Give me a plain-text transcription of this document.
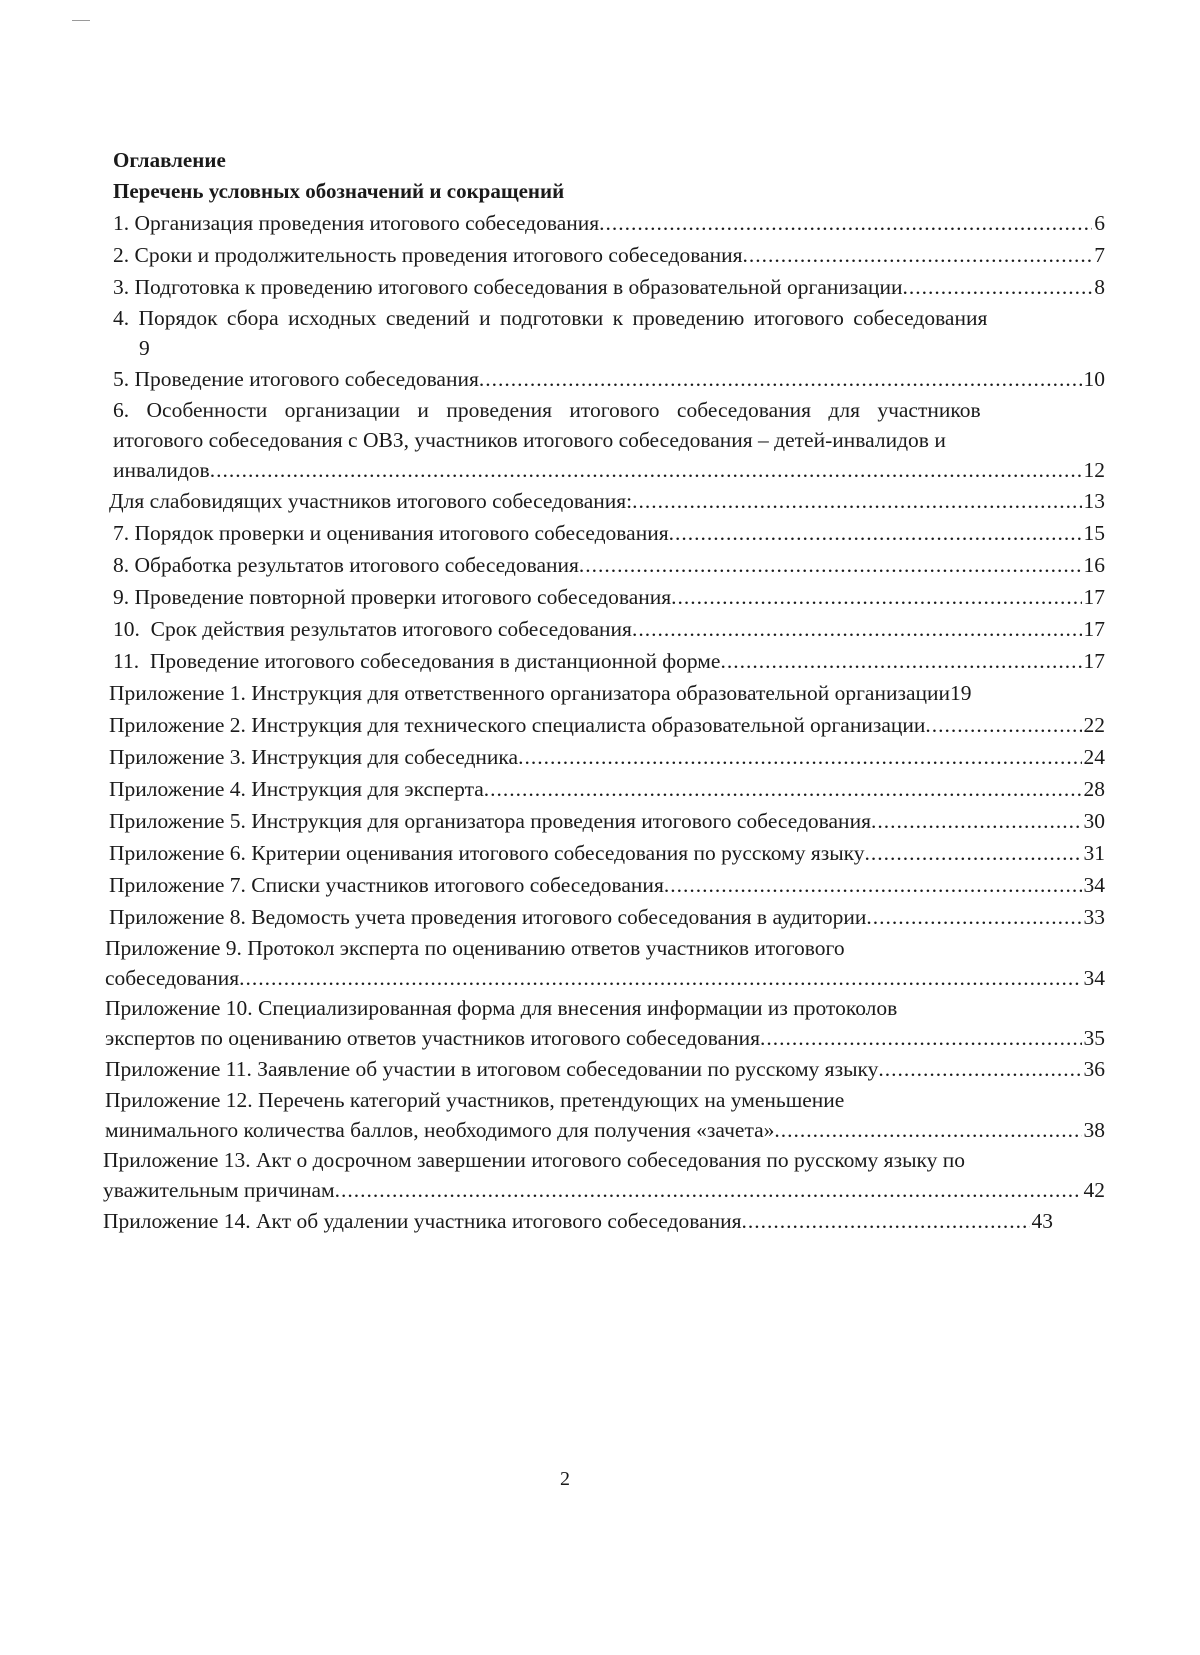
Оглавление
Перечень условных обозначений и сокращений
1. Организация проведения итогового собеседования .....	6
2. Сроки и продолжительность проведения итогового собеседования .....	7
3. Подготовка к проведению итогового собеседования в образовательной организации .....	8
4. Порядок сбора исходных сведений и подготовки к проведению итогового собеседования
9
5. Проведение итогового собеседования .....	10
6. Особенности организации и проведения итогового собеседования для участников
итогового собеседования с ОВЗ, участников итогового собеседования – детей-инвалидов и
инвалидов .....	12
Для слабовидящих участников итогового собеседования: .....	13
7. Порядок проверки и оценивания итогового собеседования .....	15
8. Обработка результатов итогового собеседования .....	16
9. Проведение повторной проверки итогового собеседования .....	17
10.  Срок действия результатов итогового собеседования .....	17
11.  Проведение итогового собеседования в дистанционной форме .....	17
Приложение 1. Инструкция для ответственного организатора образовательной организации 19
Приложение 2. Инструкция для технического специалиста образовательной организации .....	22
Приложение 3. Инструкция для собеседника .....	24
Приложение 4. Инструкция для эксперта .....	28
Приложение 5. Инструкция для организатора проведения итогового собеседования .....	30
Приложение 6. Критерии оценивания итогового собеседования по русскому языку .....	31
Приложение 7. Списки участников итогового собеседования .....	34
Приложение 8. Ведомость учета проведения итогового собеседования в аудитории .....	33
Приложение 9. Протокол эксперта по оцениванию ответов участников итогового
собеседования .....	34
Приложение 10. Специализированная форма для внесения информации из протоколов
экспертов по оцениванию ответов участников итогового собеседования .....	35
Приложение 11. Заявление об участии в итоговом собеседовании по русскому языку .....	36
Приложение 12. Перечень категорий участников, претендующих на уменьшение
минимального количества баллов, необходимого для получения «зачета» .....	38
Приложение 13. Акт о досрочном завершении итогового собеседования по русскому языку по
уважительным причинам .....	42
Приложение 14. Акт об удалении участника итогового собеседования .....	43
2
